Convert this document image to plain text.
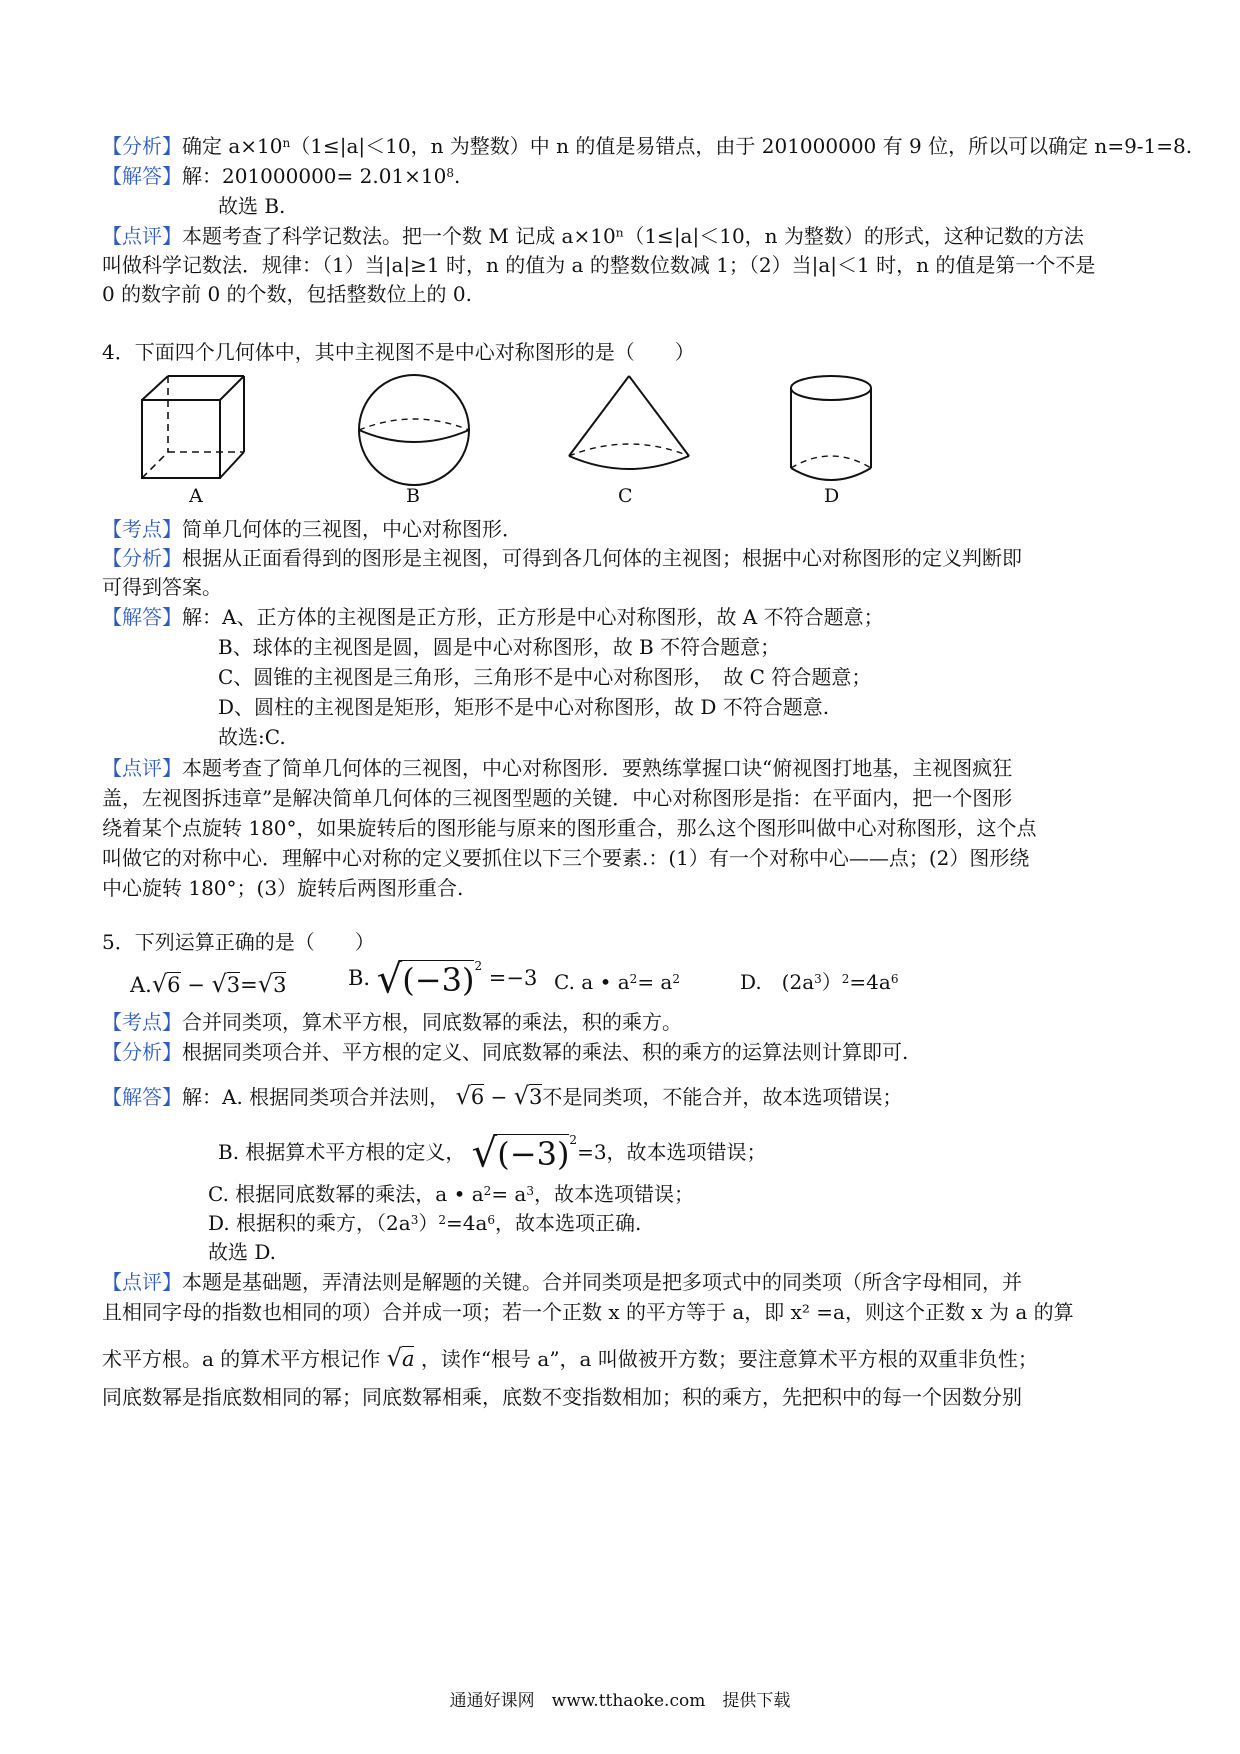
【分析】确定 $a\times 10^n(1\le|a|<10$，n 为整数）中 n 的值是易错点，由于 201000000 有 9 位，所以可以确定 n=9-1=8.
【解答】解：$201000000= 2.01\times 10^8$.
故选 B.
【点评】本题考查了科学记数法。把一个数 M 记成 a×10ⁿ（1≤|a|＜10，n 为整数）的形式，这种记数的方法
叫做科学记数法．规律：（1）当|a|≥1 时，n 的值为 a 的整数位数减 1；（2）当|a|＜1 时，n 的值是第一个不是
0 的数字前 0 的个数，包括整数位上的 0.
4．下面四个几何体中，其中主视图不是中心对称图形的是（　　）
A	B	C	D
【考点】简单几何体的三视图，中心对称图形．
【分析】根据从正面看得到的图形是主视图，可得到各几何体的主视图；根据中心对称图形的定义判断即
可得到答案。
【解答】解：A、正方体的主视图是正方形，正方形是中心对称图形，故 A 不符合题意；
B、球体的主视图是圆，圆是中心对称图形，故 B 不符合题意；
C、圆锥的主视图是三角形，三角形不是中心对称图形，　故 C 符合题意；
D、圆柱的主视图是矩形，矩形不是中心对称图形，故 D 不符合题意.
故选:C.
【点评】本题考查了简单几何体的三视图，中心对称图形．要熟练掌握口诀“俯视图打地基，主视图疯狂
盖，左视图拆违章”是解决简单几何体的三视图型题的关键．中心对称图形是指：在平面内，把一个图形
绕着某个点旋转 180°，如果旋转后的图形能与原来的图形重合，那么这个图形叫做中心对称图形，这个点
叫做它的对称中心．理解中心对称的定义要抓住以下三个要素.：(1）有一个对称中心——点；(2）图形绕
中心旋转 180°；(3）旋转后两图形重合.
5．下列运算正确的是（　　）
A.√6 − √3=√3	B. $√(-3)^2 =-3$ C. a • $a^2= a^2$	D.　$(2a^3)^2=4a^6$
【考点】合并同类项，算术平方根，同底数幂的乘法，积的乘方。
【分析】根据同类项合并、平方根的定义、同底数幂的乘法、积的乘方的运算法则计算即可.
【解答】解：A. 根据同类项合并法则， √6 − √3不是同类项，不能合并，故本选项错误；
B. 根据算术平方根的定义， $√(-3)^2=3$，故本选项错误；
C. 根据同底数幂的乘法，a • $a^2= a^3$，故本选项错误；
D. 根据积的乘方，$(2a^3)^2=4a^6$，故本选项正确.
故选 D.
【点评】本题是基础题，弄清法则是解题的关键。合并同类项是把多项式中的同类项（所含字母相同，并
且相同字母的指数也相同的项）合并成一项；若一个正数 x 的平方等于 a，即 x² =a，则这个正数 x 为 a 的算
术平方根。a 的算术平方根记作 √a ，读作“根号 a”，a 叫做被开方数；要注意算术平方根的双重非负性；
同底数幂是指底数相同的幂；同底数幂相乘，底数不变指数相加；积的乘方，先把积中的每一个因数分别
通通好课网　www.tthaoke.com　提供下载
